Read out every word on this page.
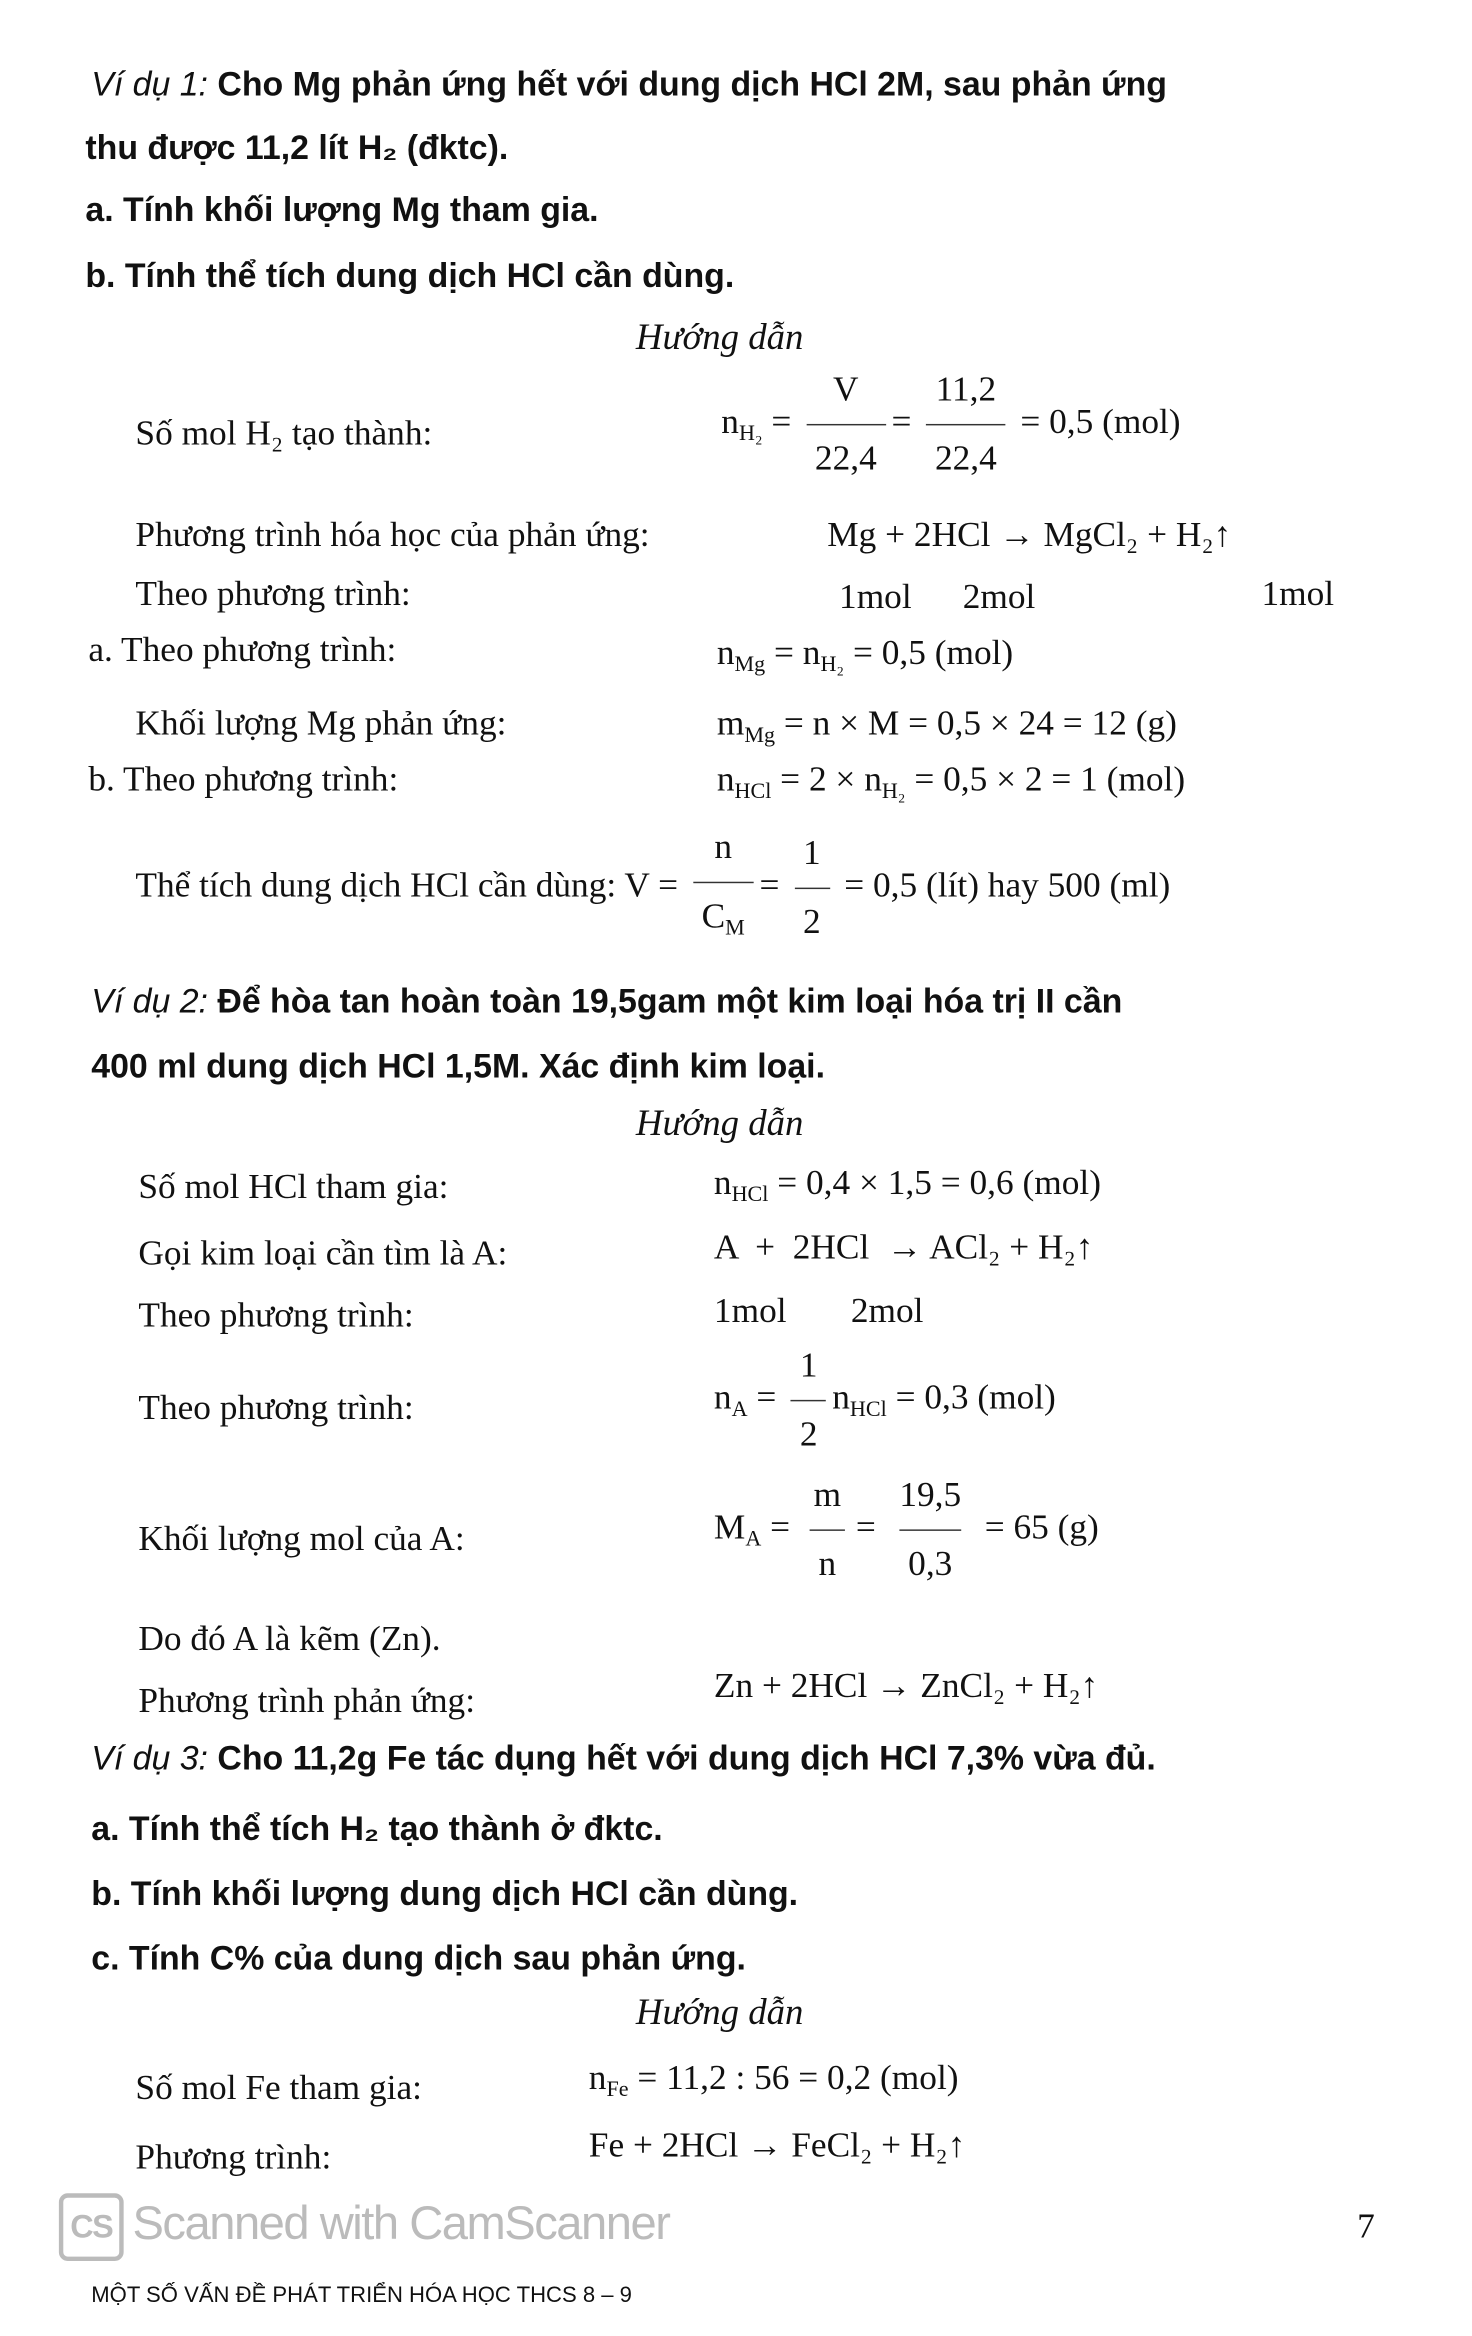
Ví dụ 1: Cho Mg phản ứng hết với dung dịch HCl 2M, sau phản ứng
thu được 11,2 lít H₂ (đktc).
a. Tính khối lượng Mg tham gia.
b. Tính thể tích dung dịch HCl cần dùng.
Hướng dẫn
Số mol H₂ tạo thành:	$n_{H_2} = \frac{V}{22,4} = \frac{11,2}{22,4} = 0,5$ (mol)
Phương trình hóa học của phản ứng:	Mg + 2HCl → MgCl₂ + H₂↑
Theo phương trình:	1mol 2mol	1mol
a. Theo phương trình:	$n_{Mg} = n_{H_2} = 0,5$ (mol)
Khối lượng Mg phản ứng:	$m_{Mg} = n \times M = 0,5 \times 24 = 12$ (g)
b. Theo phương trình:	$n_{HCl} = 2 \times n_{H_2} = 0,5 \times 2 = 1$ (mol)
Thể tích dung dịch HCl cần dùng: $V = \frac{n}{C_M} = \frac{1}{2} = 0,5$ (lít) hay 500 (ml)
Ví dụ 2: Để hòa tan hoàn toàn 19,5gam một kim loại hóa trị II cần
400 ml dung dịch HCl 1,5M. Xác định kim loại.
Hướng dẫn
Số mol HCl tham gia:	$n_{HCl} = 0,4 \times 1,5 = 0,6$ (mol)
Gọi kim loại cần tìm là A:	A  +  2HCl  → ACl₂ + H₂↑
Theo phương trình:	1mol	2mol
Theo phương trình:	$n_A = \frac{1}{2} n_{HCl} = 0,3$ (mol)
Khối lượng mol của A:	$M_A = \frac{m}{n} = \frac{19,5}{0,3} = 65$ (g)
Do đó A là kẽm (Zn).
Phương trình phản ứng:	Zn + 2HCl → ZnCl₂ + H₂↑
Ví dụ 3: Cho 11,2g Fe tác dụng hết với dung dịch HCl 7,3% vừa đủ.
a. Tính thể tích H₂ tạo thành ở đktc.
b. Tính khối lượng dung dịch HCl cần dùng.
c. Tính C% của dung dịch sau phản ứng.
Hướng dẫn
Số mol Fe tham gia:	$n_{Fe} = 11,2$ : 56 = 0,2 (mol)
Phương trình:	Fe + 2HCl → FeCl₂ + H₂↑
CS Scanned with CamScanner
MỘT SỐ VẤN ĐỀ PHÁT TRIỂN HÓA HỌC THCS 8 – 9
7
